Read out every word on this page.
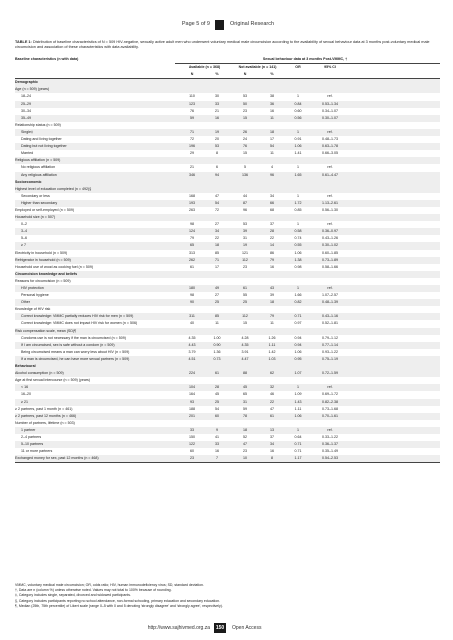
Page 5 of 9	Original Research
TABLE 1: Distribution of baseline characteristics of N = 509 HIV-negative, sexually active adult men who underwent voluntary medical male circumcision according to the availability of sexual behaviour data at 3 months post-voluntary medical male circumcision and association of these characteristics with data availability.
Baseline characteristics (n with data)	Sexual behaviour data at 3 months Post-VMMC, †
Available (n = 368)	Not available (n = 141)	OR	95% CI
N	%	N	%
Demographic
Age (n = 509) (years)
18–24	110	30	53	38	1	ref.
25–29	123	33	50	36	0.84	0.53–1.34
30–34	76	21	23	16	0.60	0.34–1.07
35–49	59	16	15	11	0.56	0.30–1.07
Relationship status (n = 509)
Single‡	71	19	26	18	1	ref.
Dating and living together	72	20	24	17	0.91	0.48–1.73
Dating but not living together	196	53	76	54	1.06	0.63–1.78
Married	29	8	15	11	1.41	0.66–3.05
Religious affiliation (n = 509)
No religious affiliation	21	6	5	4	1	ref.
Any religious affiliation	346	94	136	96	1.65	0.61–4.47
Socioeconomic
Highest level of education completed (n = 492)§
Secondary or less	168	47	44	34	1	ref.
Higher than secondary	193	54	87	66	1.72	1.13–2.61
Employed or self-employed (n = 509)	263	72	96	68	0.85	0.56–1.30
Household size (n = 507)
0–2	98	27	53	37	1	ref.
3–4	124	34	39	28	0.58	0.36–0.97
5–6	79	22	31	22	0.74	0.43–1.26
≥ 7	65	18	19	14	0.55	0.30–1.02
Electricity in household (n = 509)	313	85	121	86	1.06	0.60–1.85
Refrigerator in household (n = 509)	262	71	112	79	1.38	0.73–1.89
Household use of wood as cooking fuel (n = 509)	61	17	23	16	0.98	0.58–1.66
Circumcision knowledge and beliefs
Reasons for circumcision (n = 509)
HIV protection	180	49	61	43	1	ref.
Personal hygiene	98	27	55	39	1.66	1.07–2.57
Other	90	25	25	18	0.82	0.48–1.39
Knowledge of HIV risk
Correct knowledge: VMMC partially reduces HIV risk for men (n = 509)	311	85	112	79	0.71	0.43–1.16
Correct knowledge: VMMC does not impact HIV risk for women (n = 506)	40	11	15	11	0.97	0.52–1.81
Risk compensation scale, mean (SD)¶
Condoms use is not necessary if the man is circumcised (n = 509)	4.35	1.00	4.28	1.26	0.94	0.79–1.12
If I am circumcised, sex is safe without a condom (n = 509)	4.43	0.90	4.35	1.11	0.94	0.77–1.14
Being circumcised means a man can worry less about HIV (n = 509)	3.79	1.36	3.91	1.42	1.06	0.93–1.22
If a man is circumcised, he can have more sexual partners (n = 509)	4.51	0.73	4.47	1.03	0.95	0.75–1.19
Behavioural
Alcohol consumption (n = 509)	224	61	88	62	1.07	0.72–1.59
Age at first sexual intercourse (n = 509) (years)
< 16	104	28	45	32	1	ref.
16–20	164	45	65	46	1.09	0.69–1.72
≥ 21	93	25	31	22	1.43	0.82–2.38
≥ 2 partners, past 1 month (n = 461)	188	54	59	47	1.11	0.73–1.68
≥ 2 partners, past 12 months (n = 466)	201	60	78	61	1.06	0.70–1.61
Number of partners, lifetime (n = 503)
1 partner	33	9	18	13	1	ref.
2–4 partners	150	41	52	37	0.64	0.33–1.22
5–10 partners	122	33	47	34	0.71	0.36–1.37
11 or more partners	60	16	23	16	0.71	0.35–1.49
Exchanged money for sex, past 12 months (n = 468)	23	7	10	8	1.17	0.54–2.53
VMMC, voluntary medical male circumcision; OR, odds ratio; HIV, human immunodeficiency virus; SD, standard deviation.
†, Data are n (column %) unless otherwise noted. Values may not total to 100% because of rounding.
‡, Category includes single, separated, divorced and widowed participants.
§, Category includes participants reporting no school attendance, non-formal schooling, primary education and secondary education.
¶, Median (25th, 75th percentile) of Likert scale (range 0–5 with 0 and 5 denoting 'strongly disagree' and 'strongly agree', respectively).
http://www.sajhivmed.org.za	150	Open Access
